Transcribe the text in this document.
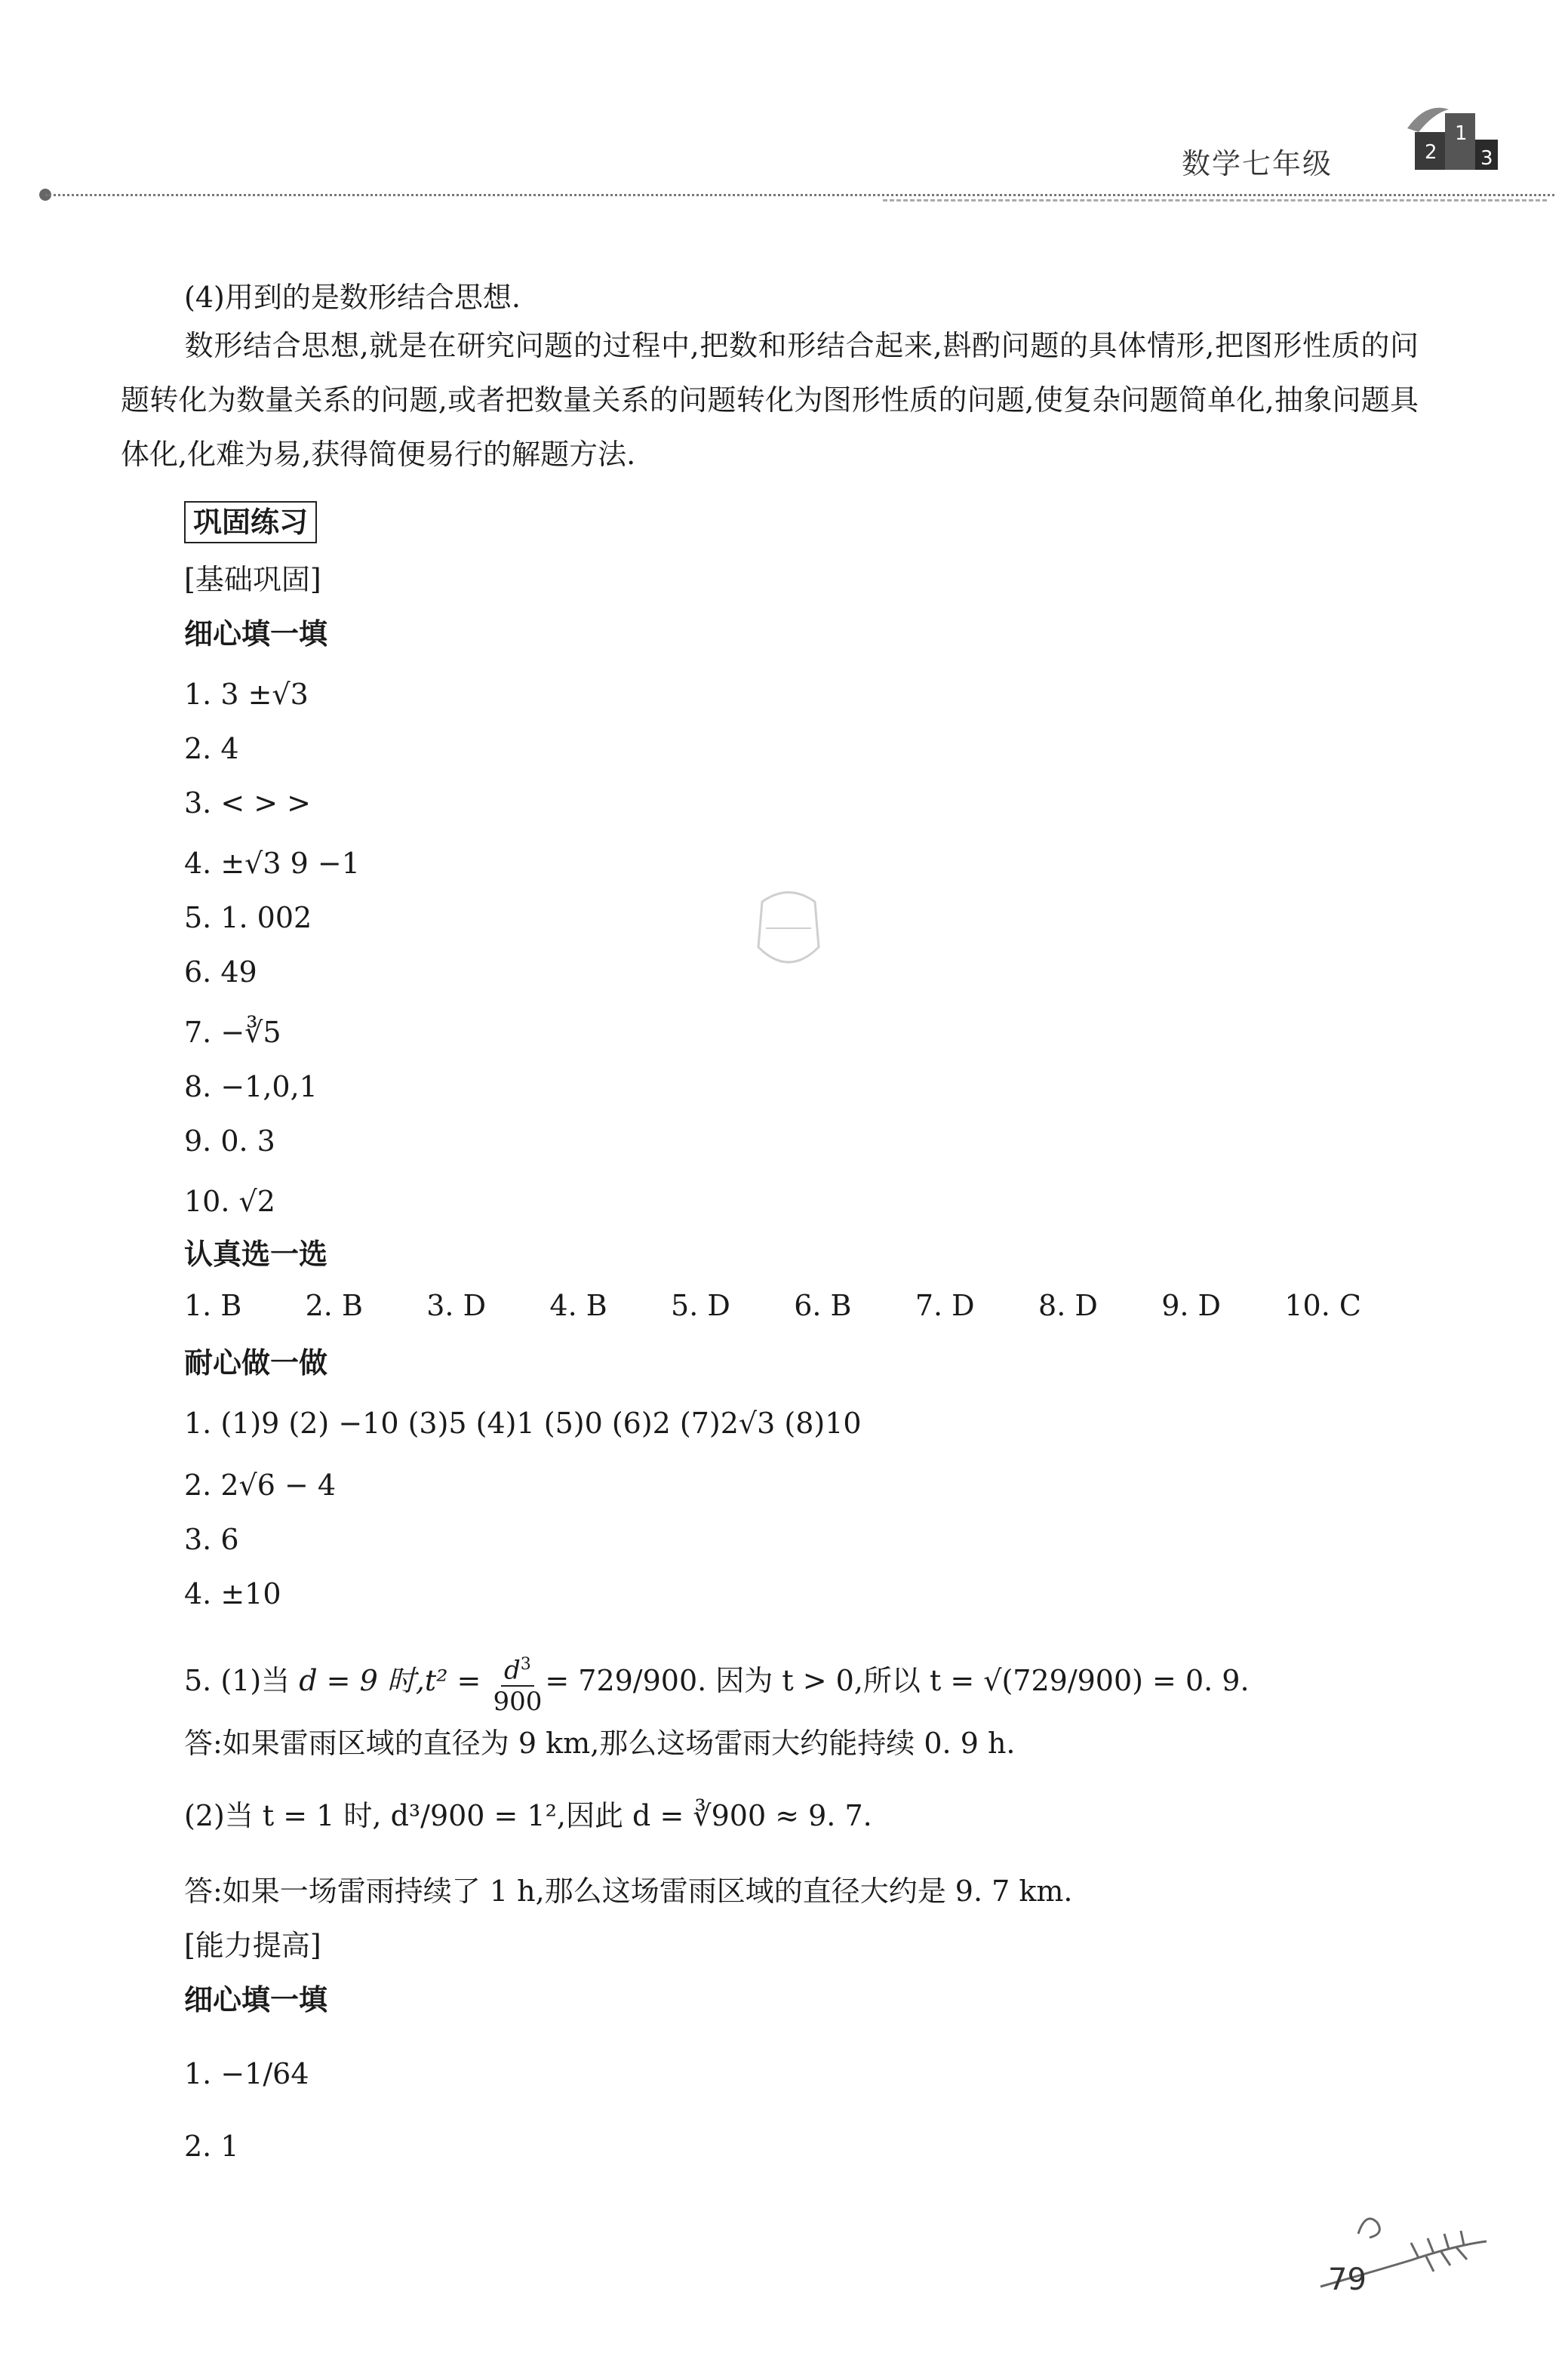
数学七年级
1
2 3
(4)用到的是数形结合思想.
数形结合思想,就是在研究问题的过程中,把数和形结合起来,斟酌问题的具体情形,把图形性质的问题转化为数量关系的问题,或者把数量关系的问题转化为图形性质的问题,使复杂问题简单化,抽象问题具体化,化难为易,获得简便易行的解题方法.
巩固练习
[基础巩固]
细心填一填
1. 3 ±√3
2. 4
3. < > >
4. ±√3 9 −1
5. 1. 002
6. 49
7. −∛5
8. −1,0,1
9. 0. 3
10. √2
认真选一选
1. B 2. B 3. D 4. B 5. D 6. B 7. D 8. D 9. D 10. C
耐心做一做
1. (1)9 (2) −10 (3)5 (4)1 (5)0 (6)2 (7)2√3 (8)10
2. 2√6 − 4
3. 6
4. ±10
5. (1)当 d = 9 时$,t^2 = \frac{d^3}{900} = 729/900$. 因为 t > 0,所以 t = √(729/900) = 0. 9.
答:如果雷雨区域的直径为 9 km,那么这场雷雨大约能持续 0. 9 h.
(2)当 t = 1 时, d³/900 = 1²,因此 d = ∛900 ≈ 9. 7.
答:如果一场雷雨持续了 1 h,那么这场雷雨区域的直径大约是 9. 7 km.
[能力提高]
细心填一填
1. −1/64
2. 1
79
